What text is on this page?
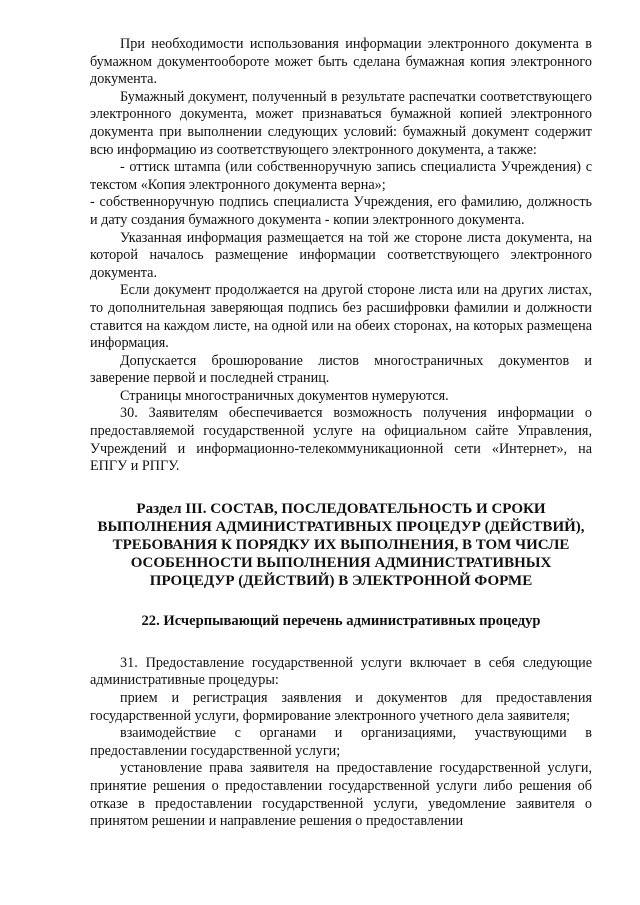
При необходимости использования информации электронного документа в бумажном документообороте может быть сделана бумажная копия электронного документа.

Бумажный документ, полученный в результате распечатки соответствующего электронного документа, может признаваться бумажной копией электронного документа при выполнении следующих условий: бумажный документ содержит всю информацию из соответствующего электронного документа, а также:

- оттиск штампа (или собственноручную запись специалиста Учреждения) с текстом «Копия электронного документа верна»;

- собственноручную подпись специалиста Учреждения, его фамилию, должность и дату создания бумажного документа - копии электронного документа.

Указанная информация размещается на той же стороне листа документа, на которой началось размещение информации соответствующего электронного документа.

Если документ продолжается на другой стороне листа или на других листах, то дополнительная заверяющая подпись без расшифровки фамилии и должности ставится на каждом листе, на одной или на обеих сторонах, на которых размещена информация.

Допускается брошюрование листов многостраничных документов и заверение первой и последней страниц.

Страницы многостраничных документов нумеруются.

30. Заявителям обеспечивается возможность получения информации о предоставляемой государственной услуге на официальном сайте Управления, Учреждений и информационно-телекоммуникационной сети «Интернет», на ЕПГУ и РПГУ.

Раздел III. СОСТАВ, ПОСЛЕДОВАТЕЛЬНОСТЬ И СРОКИ ВЫПОЛНЕНИЯ АДМИНИСТРАТИВНЫХ ПРОЦЕДУР (ДЕЙСТВИЙ), ТРЕБОВАНИЯ К ПОРЯДКУ ИХ ВЫПОЛНЕНИЯ, В ТОМ ЧИСЛЕ ОСОБЕННОСТИ ВЫПОЛНЕНИЯ АДМИНИСТРАТИВНЫХ ПРОЦЕДУР (ДЕЙСТВИЙ) В ЭЛЕКТРОННОЙ ФОРМЕ
22. Исчерпывающий перечень административных процедур

31. Предоставление государственной услуги включает в себя следующие административные процедуры:

прием и регистрация заявления и документов для предоставления государственной услуги, формирование электронного учетного дела заявителя;

взаимодействие с органами и организациями, участвующими в предоставлении государственной услуги;

установление права заявителя на предоставление государственной услуги, принятие решения о предоставлении государственной услуги либо решения об отказе в предоставлении государственной услуги, уведомление заявителя о принятом решении и направление решения о предоставлении
